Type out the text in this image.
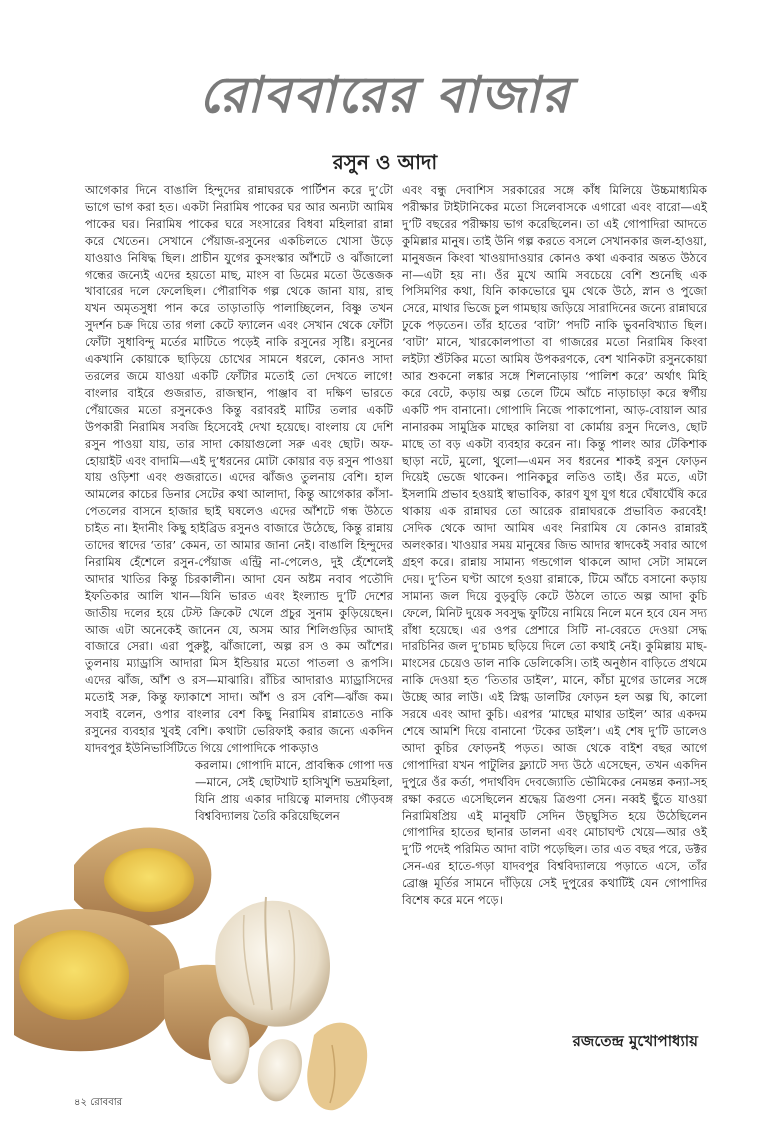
রোববারের বাজার
রসুন ও আদা

আগেকার দিনে বাঙালি হিন্দুদের রান্নাঘরকে পার্টিশন করে দু’টো ভাগে ভাগ করা হত। একটা নিরামিষ পাকের ঘর আর অন্যটা আমিষ পাকের ঘর। নিরামিষ পাকের ঘরে সংসারের বিধবা মহিলারা রান্না করে খেতেন। সেখানে পেঁয়াজ-রসুনের একচিলতে খোসা উড়ে যাওয়াও নিষিদ্ধ ছিল। প্রাচীন যুগের কুসংস্কার আঁশটে ও ঝাঁজালো গন্ধের জন্যেই এদের হয়তো মাছ, মাংস বা ডিমের মতো উত্তেজক খাবারের দলে ফেলেছিল। পৌরাণিক গল্প থেকে জানা যায়, রাহু যখন অমৃতসুধা পান করে তাড়াতাড়ি পালাচ্ছিলেন, বিষ্ণু তখন সুদর্শন চক্র দিয়ে তার গলা কেটে ফ্যালেন এবং সেখান থেকে ফোঁটা ফোঁটা সুধাবিন্দু মর্তের মাটিতে পড়েই নাকি রসুনের সৃষ্টি। রসুনের একখানি কোয়াকে ছাড়িয়ে চোখের সামনে ধরলে, কোনও সাদা তরলের জমে যাওয়া একটি ফোঁটার মতোই তো দেখতে লাগে! বাংলার বাইরে গুজরাত, রাজস্থান, পাঞ্জাব বা দক্ষিণ ভারতে পেঁয়াজের মতো রসুনকেও কিন্তু বরাবরই মাটির তলার একটি উপকারী নিরামিষ সবজি হিসেবেই দেখা হয়েছে। বাংলায় যে দেশি রসুন পাওয়া যায়, তার সাদা কোয়াগুলো সরু এবং ছোট। অফ-হোয়াইট এবং বাদামি—এই দু’ধরনের মোটা কোয়ার বড় রসুন পাওয়া যায় ওড়িশা এবং গুজরাতে। এদের ঝাঁজও তুলনায় বেশি। হাল আমলের কাচের ডিনার সেটের কথা আলাদা, কিন্তু আগেকার কাঁসা-পেতলের বাসনে হাজার ছাই ঘষলেও এদের আঁশটে গন্ধ উঠতে চাইত না। ইদানীং কিছু হাইব্রিড রসুনও বাজারে উঠেছে, কিন্তু রান্নায় তাদের স্বাদের ‘তার’ কেমন, তা আমার জানা নেই। বাঙালি হিন্দুদের নিরামিষ হেঁশেলে রসুন-পেঁয়াজ এন্ট্রি না-পেলেও, দুই হেঁশেলেই আদার খাতির কিন্তু চিরকালীন। আদা যেন অষ্টম নবাব পতৌদি ইফতিকার আলি খান—যিনি ভারত এবং ইংল্যান্ড দু’টি দেশের জাতীয় দলের হয়ে টেস্ট ক্রিকেট খেলে প্রচুর সুনাম কুড়িয়েছেন। আজ এটা অনেকেই জানেন যে, অসম আর শিলিগুড়ির আদাই বাজারে সেরা। এরা পুরুষ্টু, ঝাঁজালো, অল্প রস ও কম আঁশের। তুলনায় ম্যাড্রাসি আদারা মিস ইন্ডিয়ার মতো পাতলা ও রূপসি। এদের ঝাঁজ, আঁশ ও রস—মাঝারি। রাঁচির আদারাও ম্যাড্রাসিদের মতোই সরু, কিন্তু ফ্যাকাশে সাদা। আঁশ ও রস বেশি—ঝাঁজ কম। সবাই বলেন, ওপার বাংলার বেশ কিছু নিরামিষ রান্নাতেও নাকি রসুনের ব্যবহার খুবই বেশি। কথাটা ভেরিফাই করার জন্যে একদিন যাদবপুর ইউনিভার্সিটিতে গিয়ে গোপাদিকে পাকড়াও

করলাম। গোপাদি মানে, প্রাবন্ধিক গোপা দত্ত—মানে, সেই ছোটখাট হাসিখুশি ভদ্রমহিলা, যিনি প্রায় একার দায়িত্বে মালদায় গৌড়বঙ্গ বিশ্ববিদ্যালয় তৈরি করিয়েছিলেন

এবং বন্ধু দেবাশিস সরকারের সঙ্গে কাঁধ মিলিয়ে উচ্চমাধ্যমিক পরীক্ষার টাইটানিকের মতো সিলেবাসকে এগারো এবং বারো—এই দু’টি বছরের পরীক্ষায় ভাগ করেছিলেন। তা এই গোপাদিরা আদতে কুমিল্লার মানুষ। তাই উনি গল্প করতে বসলে সেখানকার জল-হাওয়া, মানুষজন কিংবা খাওয়াদাওয়ার কোনও কথা একবার অন্তত উঠবে না—এটা হয় না। ওঁর মুখে আমি সবচেয়ে বেশি শুনেছি এক পিসিমণির কথা, যিনি কাকভোরে ঘুম থেকে উঠে, স্নান ও পুজো সেরে, মাথার ভিজে চুল গামছায় জড়িয়ে সারাদিনের জন্যে রান্নাঘরে ঢুকে পড়তেন। তাঁর হাতের ‘বাটা’ পদটি নাকি ভুবনবিখ্যাত ছিল। ‘বাটা’ মানে, খারকোলপাতা বা গাজরের মতো নিরামিষ কিংবা লইট্যা শুঁটকির মতো আমিষ উপকরণকে, বেশ খানিকটা রসুনকোয়া আর শুকনো লঙ্কার সঙ্গে শিলনোড়ায় ‘পালিশ করে’ অর্থাৎ মিহি করে বেটে, কড়ায় অল্প তেলে টিমে আঁচে নাড়াচাড়া করে স্বর্গীয় একটি পদ বানানো। গোপাদি নিজে পাকাপোনা, আড়-বোয়াল আর নানারকম সামুদ্রিক মাছের কালিয়া বা কোর্মায় রসুন দিলেও, ছোট মাছে তা বড় একটা ব্যবহার করেন না। কিন্তু পালং আর টেকিশাক ছাড়া নটে, মুলো, থুলো—এমন সব ধরনের শাকই রসুন ফোড়ন দিয়েই ভেজে থাকেন। পানিকচুর লতিও তাই। ওঁর মতে, এটা ইসলামি প্রভাব হওয়াই স্বাভাবিক, কারণ যুগ যুগ ধরে ঘেঁষাঘেঁষি করে থাকায় এক রান্নাঘর তো আরেক রান্নাঘরকে প্রভাবিত করবেই! সেদিক থেকে আদা আমিষ এবং নিরামিষ যে কোনও রান্নারই অলংকার। খাওয়ার সময় মানুষের জিভ আদার স্বাদকেই সবার আগে গ্রহণ করে। রান্নায় সামান্য গন্ডগোল থাকলে আদা সেটা সামলে দেয়। দু’তিন ঘণ্টা আগে হওয়া রান্নাকে, টিমে আঁচে বসানো কড়ায় সামান্য জল দিয়ে বুড়বুড়ি কেটে উঠলে তাতে অল্প আদা কুচি ফেলে, মিনিট দুয়েক সবসুদ্ধ ফুটিয়ে নামিয়ে নিলে মনে হবে যেন সদ্য রাঁধা হয়েছে। এর ওপর প্রেশারে সিটি না-বেরতে দেওয়া সেদ্ধ দারচিনির জল দু’চামচ ছড়িয়ে দিলে তো কথাই নেই। কুমিল্লায় মাছ-মাংসের চেয়েও ডাল নাকি ডেলিকেসি। তাই অনুষ্ঠান বাড়িতে প্রথমে নাকি দেওয়া হত ‘তিতার ডাইল’, মানে, কাঁচা মুগের ডালের সঙ্গে উচ্ছে আর লাউ। এই স্নিগ্ধ ডালটির ফোড়ন হল অল্প ঘি, কালো সরষে এবং আদা কুচি। এরপর ‘মাছের মাথার ডাইল’ আর একদম শেষে আমশি দিয়ে বানানো ‘টকের ডাইল’। এই শেষ দু’টি ডালেও আদা কুচির ফোড়নই পড়ত। আজ থেকে বাইশ বছর আগে গোপাদিরা যখন পাটুলির ফ্ল্যাটে সদ্য উঠে এসেছেন, তখন একদিন দুপুরে ওঁর কর্তা, পদার্থবিদ দেবজ্যোতি ভৌমিকের নেমন্তন্ন কন্যা-সহ রক্ষা করতে এসেছিলেন শ্রদ্ধেয় ত্রিগুণা সেন। নব্বই ছুঁতে যাওয়া নিরামিষপ্রিয় এই মানুষটি সেদিন উচ্ছ্বসিত হয়ে উঠেছিলেন গোপাদির হাতের ছানার ডালনা এবং মোচাঘণ্ট খেয়ে—আর ওই দু’টি পদেই পরিমিত আদা বাটা পড়েছিল। তার এত বছর পরে, ডক্টর সেন-এর হাতে-গড়া যাদবপুর বিশ্ববিদ্যালয়ে পড়াতে এসে, তাঁর ব্রোঞ্জ মূর্তির সামনে দাঁড়িয়ে সেই দুপুরের কথাটিই যেন গোপাদির বিশেষ করে মনে পড়ে।

রজতেন্দ্র মুখোপাধ্যায়
৪২ রোববার
